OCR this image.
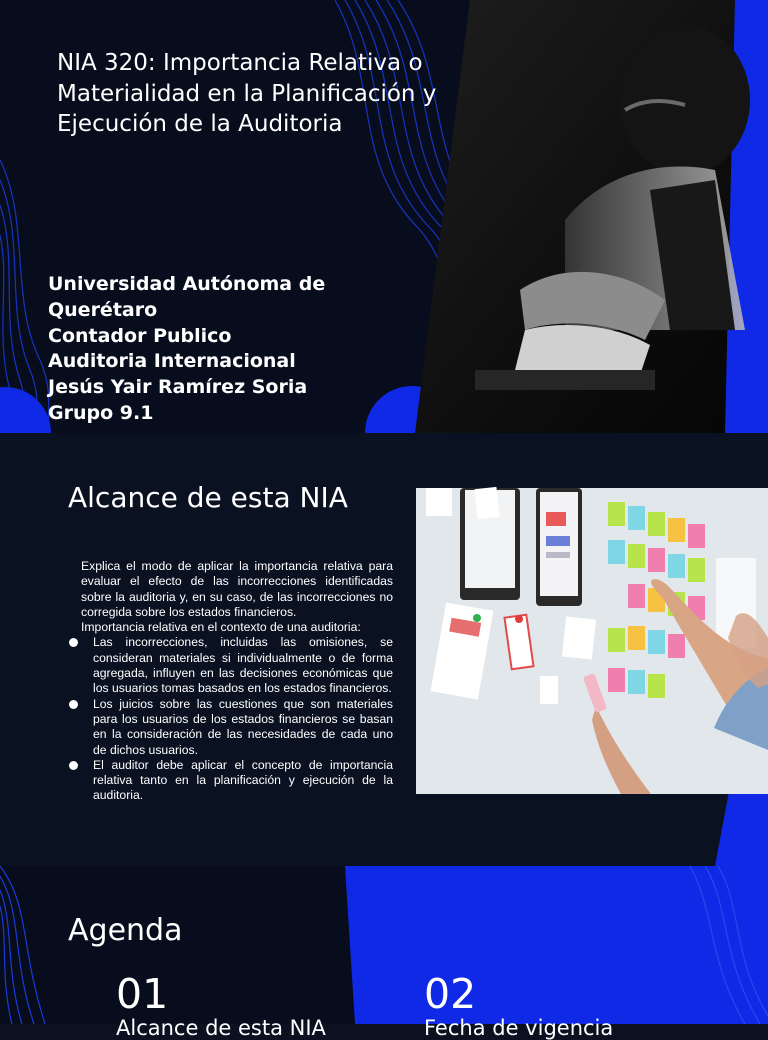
NIA 320: Importancia Relativa o Materialidad en la Planificación y Ejecución de la Auditoria
Universidad Autónoma de Querétaro
Contador Publico
Auditoria Internacional
Jesús Yair Ramírez Soria
Grupo 9.1
Alcance de esta NIA

Explica el modo de aplicar la importancia relativa para evaluar el efecto de las incorrecciones identificadas sobre la auditoria y, en su caso, de las incorrecciones no corregida sobre los estados financieros.

Importancia relativa en el contexto de una auditoria:

Las incorrecciones, incluidas las omisiones, se consideran materiales si individualmente o de forma agregada, influyen en las decisiones económicas que los usuarios tomas basados en los estados financieros.
Los juicios sobre las cuestiones que son materiales para los usuarios de los estados financieros se basan en la consideración de las necesidades de cada uno de dichos usuarios.
El auditor debe aplicar el concepto de importancia relativa tanto en la planificación y ejecución de la auditoria.
Agenda

01

Alcance de esta NIA

02

Fecha de vigencia
